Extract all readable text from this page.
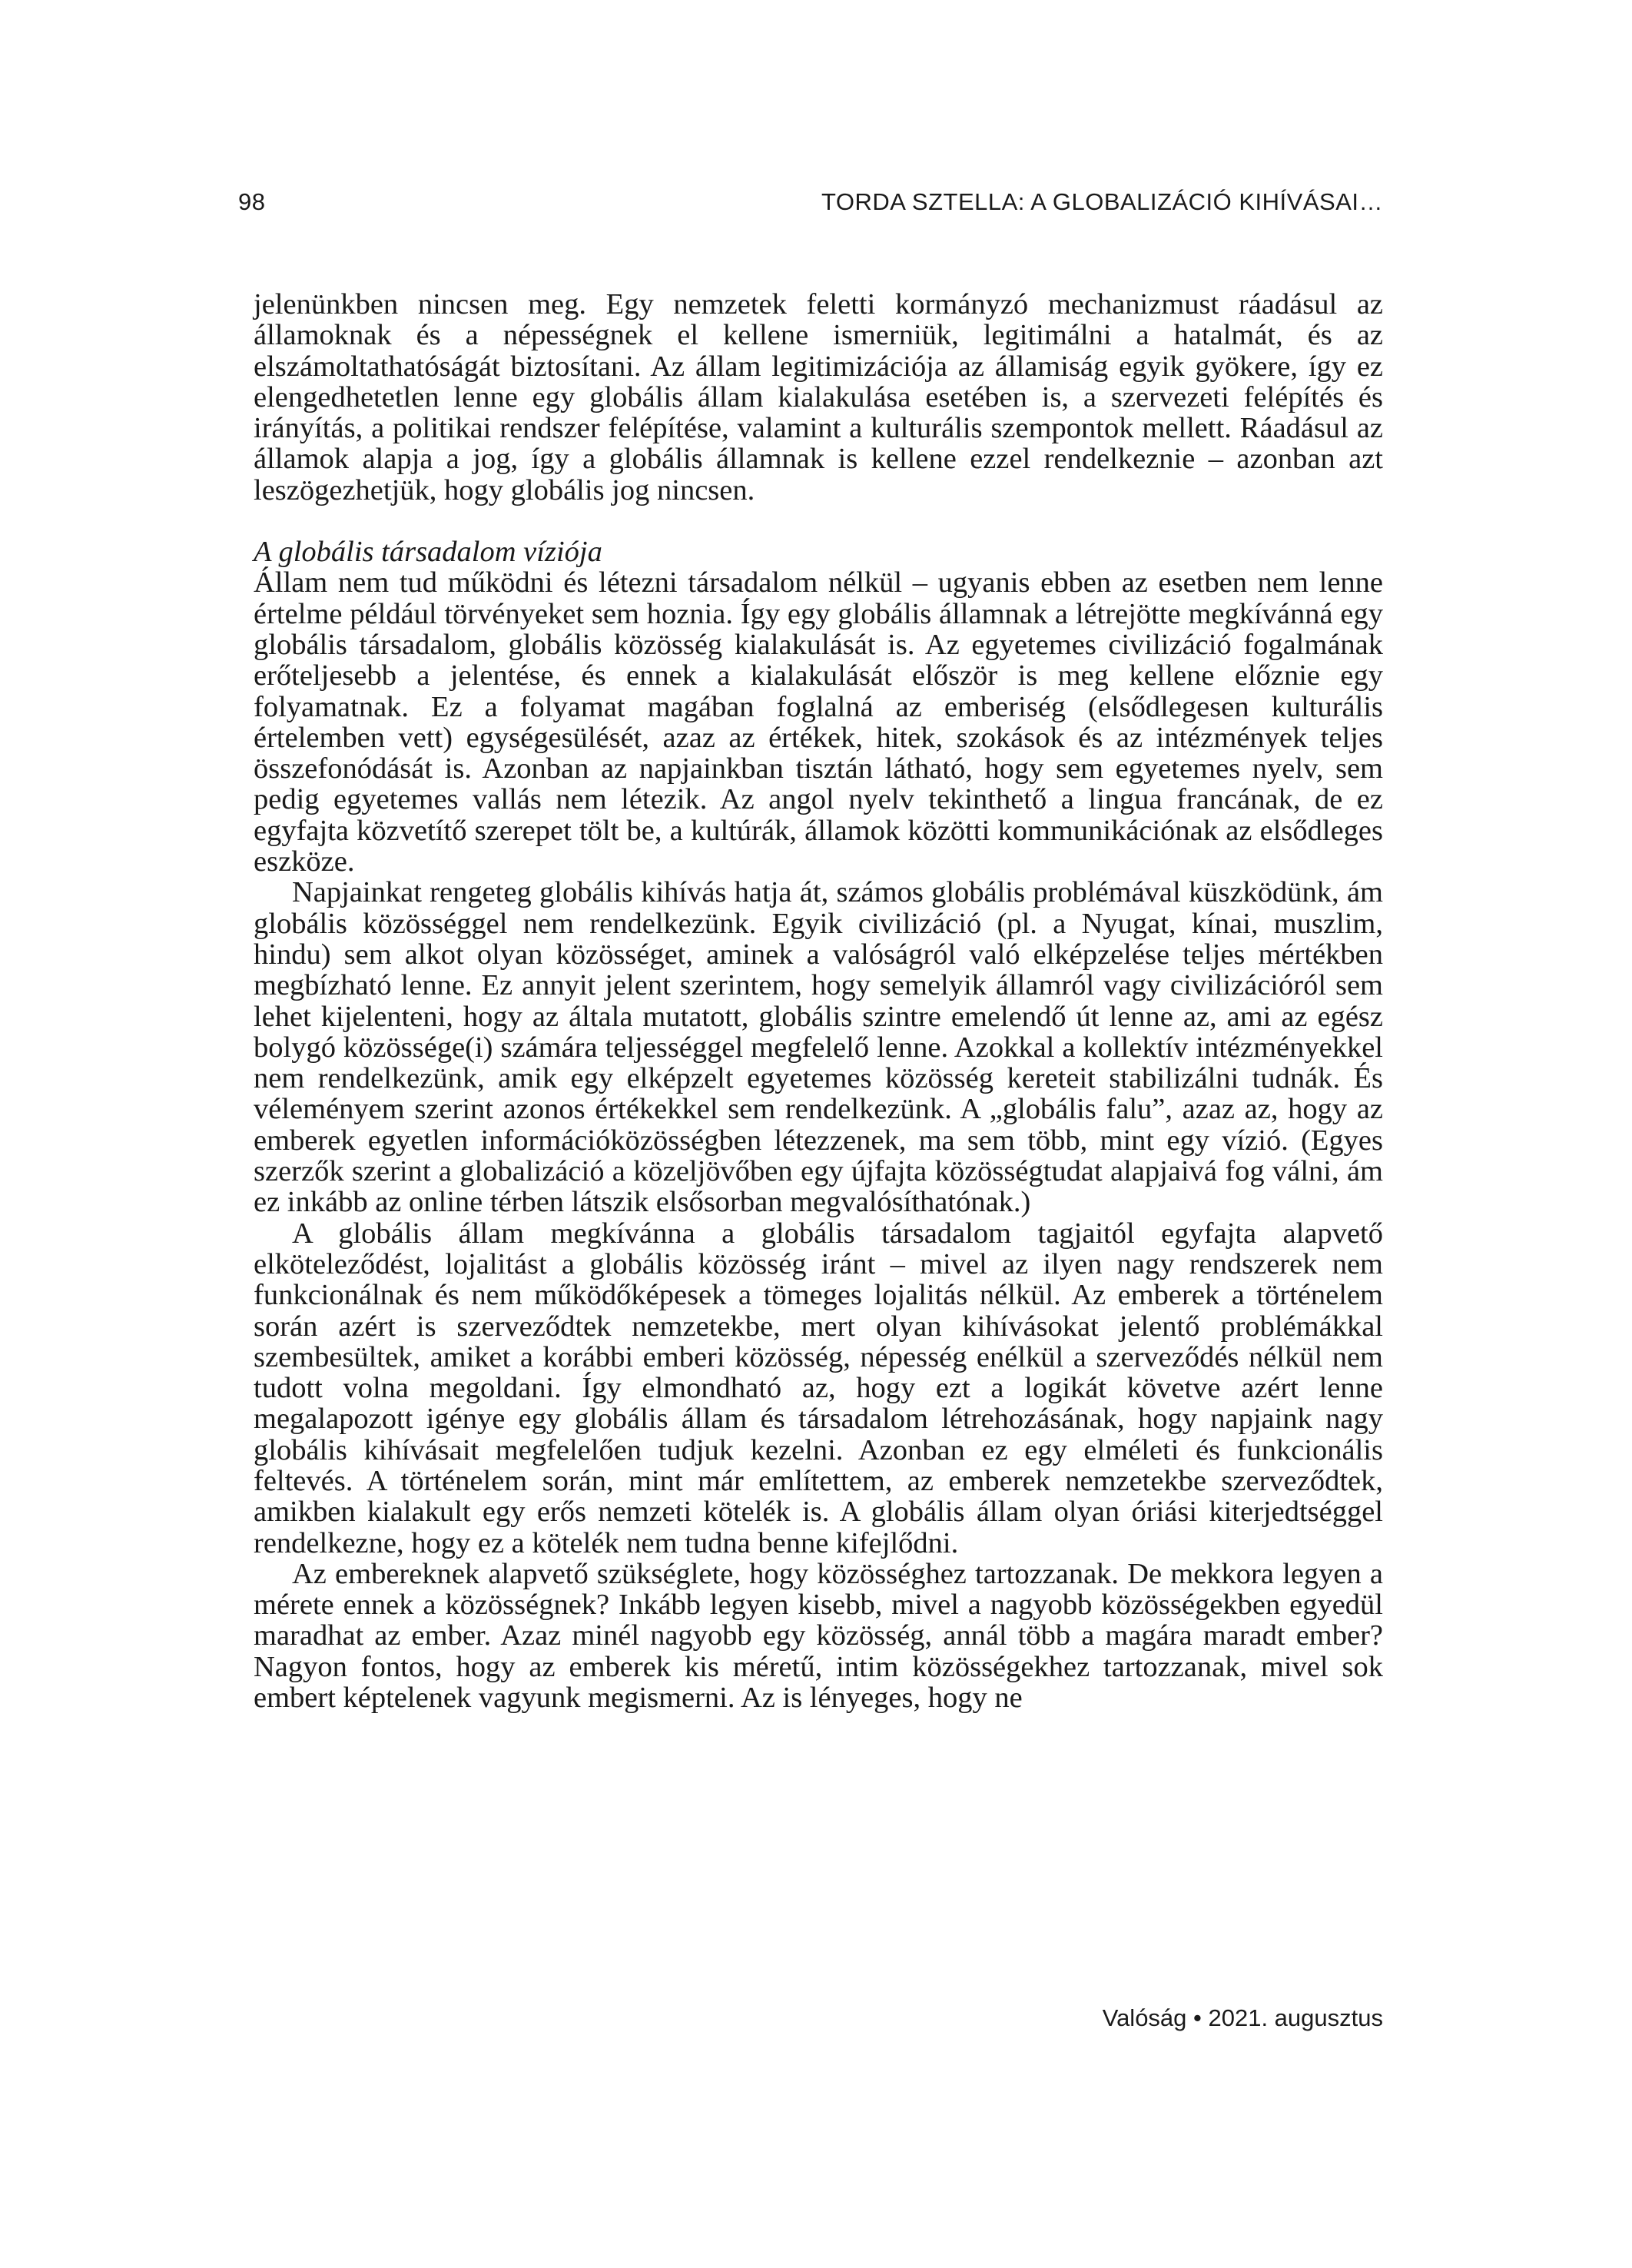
98	TORDA SZTELLA: A GLOBALIZÁCIÓ KIHÍVÁSAI…

jelenünkben nincsen meg. Egy nemzetek feletti kormányzó mechanizmust ráadásul az államoknak és a népességnek el kellene ismerniük, legitimálni a hatalmát, és az elszámoltathatóságát biztosítani. Az állam legitimizációja az államiság egyik gyökere, így ez elengedhetetlen lenne egy globális állam kialakulása esetében is, a szervezeti felépítés és irányítás, a politikai rendszer felépítése, valamint a kulturális szempontok mellett. Ráadásul az államok alapja a jog, így a globális államnak is kellene ezzel rendelkeznie – azonban azt leszögezhetjük, hogy globális jog nincsen.

A globális társadalom víziója

Állam nem tud működni és létezni társadalom nélkül – ugyanis ebben az esetben nem lenne értelme például törvényeket sem hoznia. Így egy globális államnak a létrejötte megkívánná egy globális társadalom, globális közösség kialakulását is. Az egyetemes civilizáció fogalmának erőteljesebb a jelentése, és ennek a kialakulását először is meg kellene előznie egy folyamatnak. Ez a folyamat magában foglalná az emberiség (elsődlegesen kulturális értelemben vett) egységesülését, azaz az értékek, hitek, szokások és az intézmények teljes összefonódását is. Azonban az napjainkban tisztán látható, hogy sem egyetemes nyelv, sem pedig egyetemes vallás nem létezik. Az angol nyelv tekinthető a lingua francának, de ez egyfajta közvetítő szerepet tölt be, a kultúrák, államok közötti kommunikációnak az elsődleges eszköze.

Napjainkat rengeteg globális kihívás hatja át, számos globális problémával küszködünk, ám globális közösséggel nem rendelkezünk. Egyik civilizáció (pl. a Nyugat, kínai, muszlim, hindu) sem alkot olyan közösséget, aminek a valóságról való elképzelése teljes mértékben megbízható lenne. Ez annyit jelent szerintem, hogy semelyik államról vagy civilizációról sem lehet kijelenteni, hogy az általa mutatott, globális szintre emelendő út lenne az, ami az egész bolygó közössége(i) számára teljességgel megfelelő lenne. Azokkal a kollektív intézményekkel nem rendelkezünk, amik egy elképzelt egyetemes közösség kereteit stabilizálni tudnák. És véleményem szerint azonos értékekkel sem rendelkezünk. A „globális falu”, azaz az, hogy az emberek egyetlen információközösségben létezzenek, ma sem több, mint egy vízió. (Egyes szerzők szerint a globalizáció a közeljövőben egy újfajta közösségtudat alapjaivá fog válni, ám ez inkább az online térben látszik elsősorban megvalósíthatónak.)

A globális állam megkívánna a globális társadalom tagjaitól egyfajta alapvető elköteleződést, lojalitást a globális közösség iránt – mivel az ilyen nagy rendszerek nem funkcionálnak és nem működőképesek a tömeges lojalitás nélkül. Az emberek a történelem során azért is szerveződtek nemzetekbe, mert olyan kihívásokat jelentő problémákkal szembesültek, amiket a korábbi emberi közösség, népesség enélkül a szerveződés nélkül nem tudott volna megoldani. Így elmondható az, hogy ezt a logikát követve azért lenne megalapozott igénye egy globális állam és társadalom létrehozásának, hogy napjaink nagy globális kihívásait megfelelően tudjuk kezelni. Azonban ez egy elméleti és funkcionális feltevés. A történelem során, mint már említettem, az emberek nemzetekbe szerveződtek, amikben kialakult egy erős nemzeti kötelék is. A globális állam olyan óriási kiterjedtséggel rendelkezne, hogy ez a kötelék nem tudna benne kifejlődni.

Az embereknek alapvető szükséglete, hogy közösséghez tartozzanak. De mekkora legyen a mérete ennek a közösségnek? Inkább legyen kisebb, mivel a nagyobb közösségekben egyedül maradhat az ember. Azaz minél nagyobb egy közösség, annál több a magára maradt ember? Nagyon fontos, hogy az emberek kis méretű, intim közösségekhez tartozzanak, mivel sok embert képtelenek vagyunk megismerni. Az is lényeges, hogy ne

Valóság • 2021. augusztus
